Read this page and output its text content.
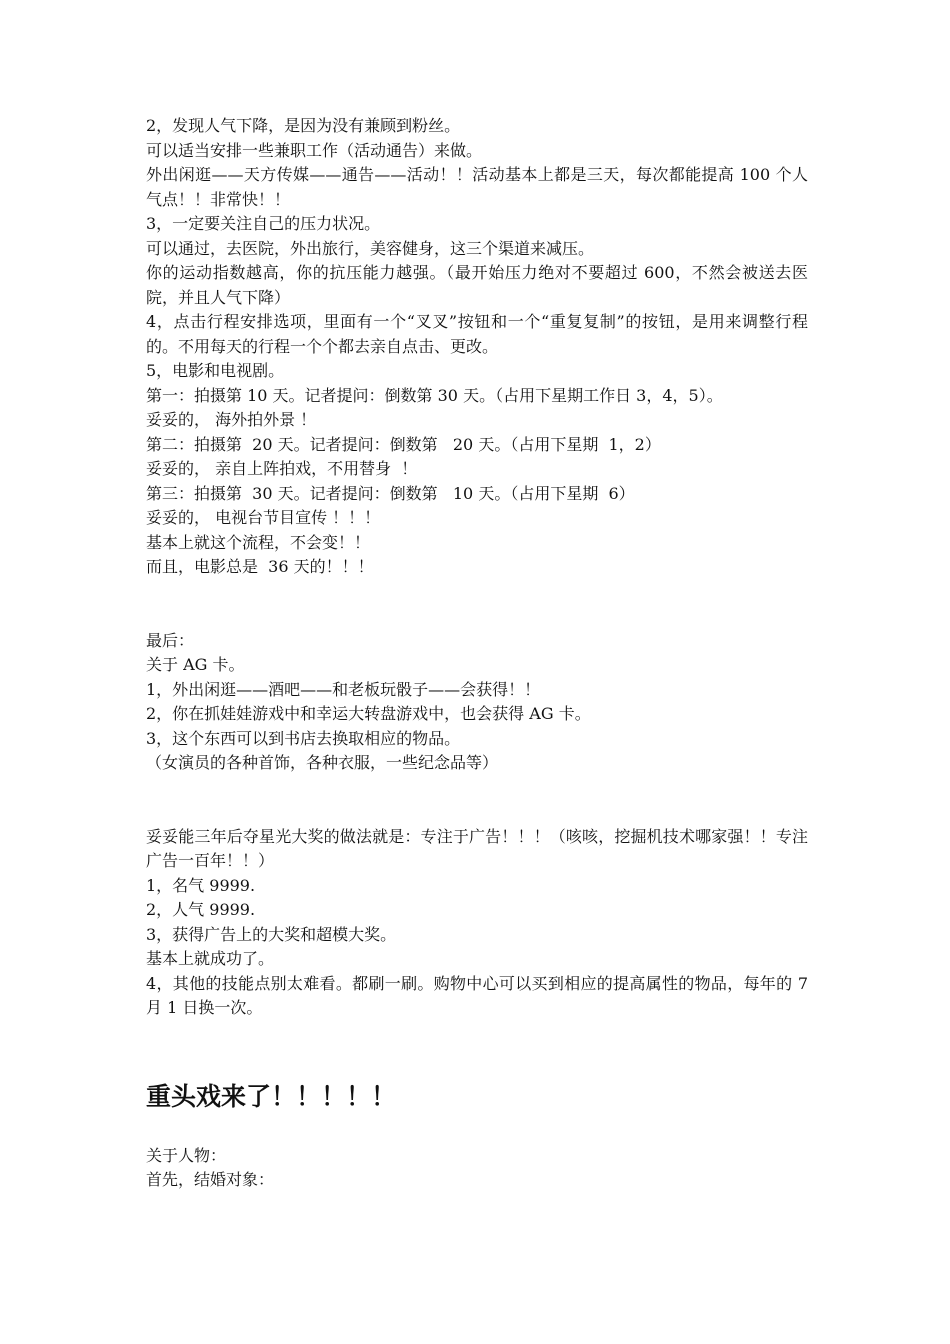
2，发现人气下降，是因为没有兼顾到粉丝。

可以适当安排一些兼职工作（活动通告）来做。

外出闲逛——天方传媒——通告——活动！！活动基本上都是三天，每次都能提高 100 个人气点！！非常快！！

3，一定要关注自己的压力状况。

可以通过，去医院，外出旅行，美容健身，这三个渠道来减压。

你的运动指数越高，你的抗压能力越强。（最开始压力绝对不要超过 600，不然会被送去医院，并且人气下降）

4，点击行程安排选项，里面有一个“叉叉”按钮和一个“重复复制”的按钮，是用来调整行程的。不用每天的行程一个个都去亲自点击、更改。

5，电影和电视剧。

第一：拍摄第 10 天。记者提问：倒数第 30 天。（占用下星期工作日 3，4，5）。

妥妥的， 海外拍外景 ！

第二：拍摄第  20 天。记者提问：倒数第   20 天。（占用下星期  1，2）

妥妥的， 亲自上阵拍戏，不用替身  ！

第三：拍摄第  30 天。记者提问：倒数第   10 天。（占用下星期  6）

妥妥的， 电视台节目宣传 ！！！

基本上就这个流程，不会变！！

而且，电影总是  36 天的！！！

最后：

关于 AG 卡。

1，外出闲逛——酒吧——和老板玩骰子——会获得！！

2，你在抓娃娃游戏中和幸运大转盘游戏中，也会获得 AG 卡。

3，这个东西可以到书店去换取相应的物品。

（女演员的各种首饰，各种衣服，一些纪念品等）

妥妥能三年后夺星光大奖的做法就是：专注于广告！！！（咳咳，挖掘机技术哪家强！！专注广告一百年！！）

1，名气 9999.

2，人气 9999.

3，获得广告上的大奖和超模大奖。

基本上就成功了。

4，其他的技能点别太难看。都刷一刷。购物中心可以买到相应的提高属性的物品，每年的 7 月 1 日换一次。

重头戏来了！！！！！

关于人物：

首先，结婚对象：
